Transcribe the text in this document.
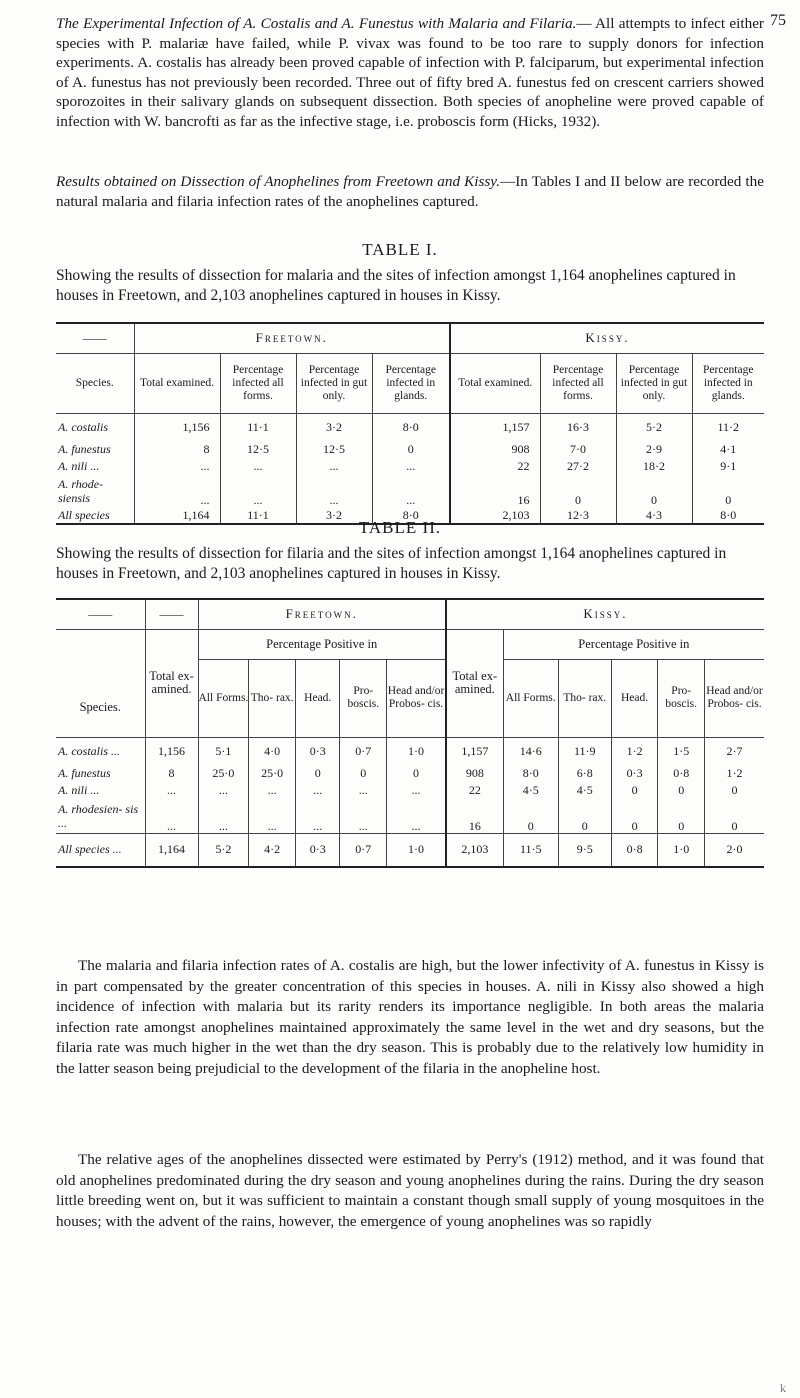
75

The Experimental Infection of A. Costalis and A. Funestus with Malaria and Filaria.— All attempts to infect either species with P. malariæ have failed, while P. vivax was found to be too rare to supply donors for infection experiments. A. costalis has already been proved capable of infection with P. falciparum, but experimental infection of A. funestus has not previously been recorded. Three out of fifty bred A. funestus fed on crescent carriers showed sporozoites in their salivary glands on subsequent dissection. Both species of anopheline were proved capable of infection with W. bancrofti as far as the infective stage, i.e. proboscis form (Hicks, 1932).

Results obtained on Dissection of Anophelines from Freetown and Kissy.—In Tables I and II below are recorded the natural malaria and filaria infection rates of the anophelines captured.

TABLE I.

Showing the results of dissection for malaria and the sites of infection amongst 1,164 anophelines captured in houses in Freetown, and 2,103 anophelines captured in houses in Kissy.

——	Freetown.				Kissy.			
Species.	Total examined.	Percentage infected all forms.	Percentage infected in gut only.	Percentage infected in glands.	Total examined.	Percentage infected all forms.	Percentage infected in gut only.	Percentage infected in glands.
A. costalis	1,156	11·1	3·2	8·0	1,157	16·3	5·2	11·2
A. funestus	8	12·5	12·5	0	908	7·0	2·9	4·1
A. nili ...	...	...	...	...	22	27·2	18·2	9·1
A. rhode- siensis	...	...	...	...	16	0	0	0
All species	1,164	11·1	3·2	8·0	2,103	12·3	4·3	8·0
TABLE II.

Showing the results of dissection for filaria and the sites of infection amongst 1,164 anophelines captured in houses in Freetown, and 2,103 anophelines captured in houses in Kissy.

——	——	Freetown.					Kissy.					
Species.	Total ex- amined.	Percentage Positive in					Total ex- amined.	Percentage Positive in				
		All Forms.	Tho- rax.	Head.	Pro- boscis.	Head and/or Probos- cis.		All Forms.	Tho- rax.	Head.	Pro- boscis.	Head and/or Probos- cis.
A. costalis ...	1,156	5·1	4·0	0·3	0·7	1·0	1,157	14·6	11·9	1·2	1·5	2·7
A. funestus	8	25·0	25·0	0	0	0	908	8·0	6·8	0·3	0·8	1·2
A. nili ...	...	...	...	...	...	...	22	4·5	4·5	0	0	0
A. rhodesien- sis ...	...	...	...	...	...	...	16	0	0	0	0	0
All species ...	1,164	5·2	4·2	0·3	0·7	1·0	2,103	11·5	9·5	0·8	1·0	2·0

The malaria and filaria infection rates of A. costalis are high, but the lower infectivity of A. funestus in Kissy is in part compensated by the greater concentration of this species in houses. A. nili in Kissy also showed a high incidence of infection with malaria but its rarity renders its importance negligible. In both areas the malaria infection rate amongst anophelines maintained approximately the same level in the wet and dry seasons, but the filaria rate was much higher in the wet than the dry season. This is probably due to the relatively low humidity in the latter season being prejudicial to the development of the filaria in the anopheline host.

The relative ages of the anophelines dissected were estimated by Perry's (1912) method, and it was found that old anophelines predominated during the dry season and young anophelines during the rains. During the dry season little breeding went on, but it was sufficient to maintain a constant though small supply of young mosquitoes in the houses; with the advent of the rains, however, the emergence of young anophelines was so rapidly

k
